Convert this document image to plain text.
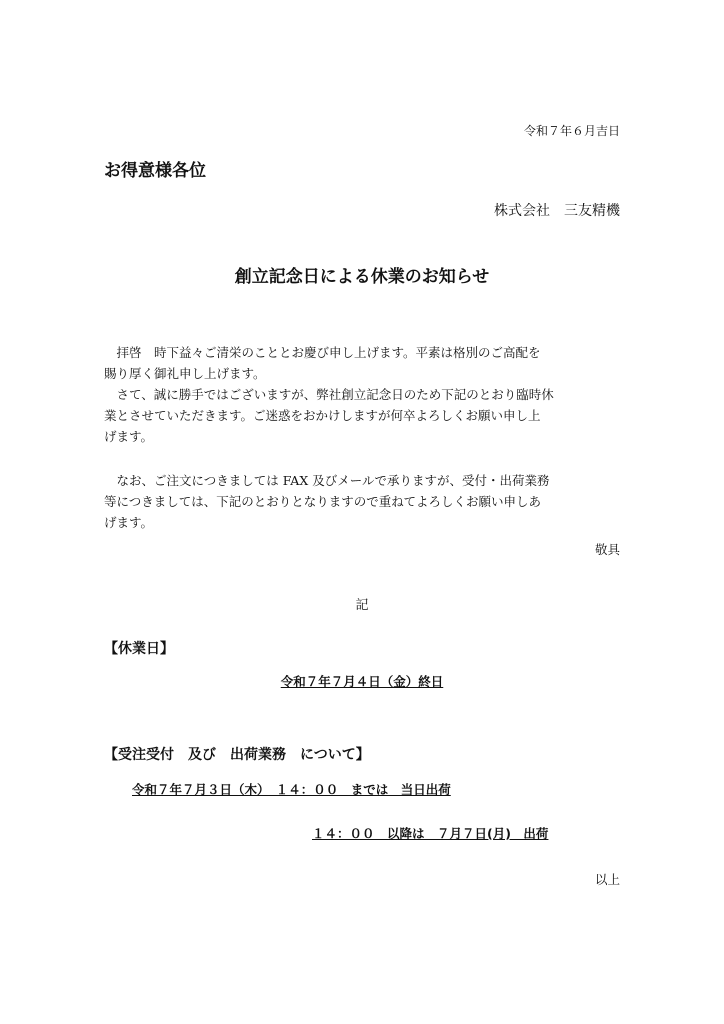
令和７年６月吉日
お得意様各位
株式会社　三友精機
創立記念日による休業のお知らせ
　拝啓　時下益々ご清栄のこととお慶び申し上げます。平素は格別のご高配を
賜り厚く御礼申し上げます。
　さて、誠に勝手ではございますが、弊社創立記念日のため下記のとおり臨時休
業とさせていただきます。ご迷惑をおかけしますが何卒よろしくお願い申し上
げます。
　なお、ご注文につきましては FAX 及びメールで承りますが、受付・出荷業務
等につきましては、下記のとおりとなりますので重ねてよろしくお願い申しあ
げます。
敬具
記
【休業日】
令和７年７月４日（金）終日
【受注受付　及び　出荷業務　について】
令和７年７月３日（木）　１４：００　までは　当日出荷
１４：００　以降は　７月７日(月)　出荷
以上
